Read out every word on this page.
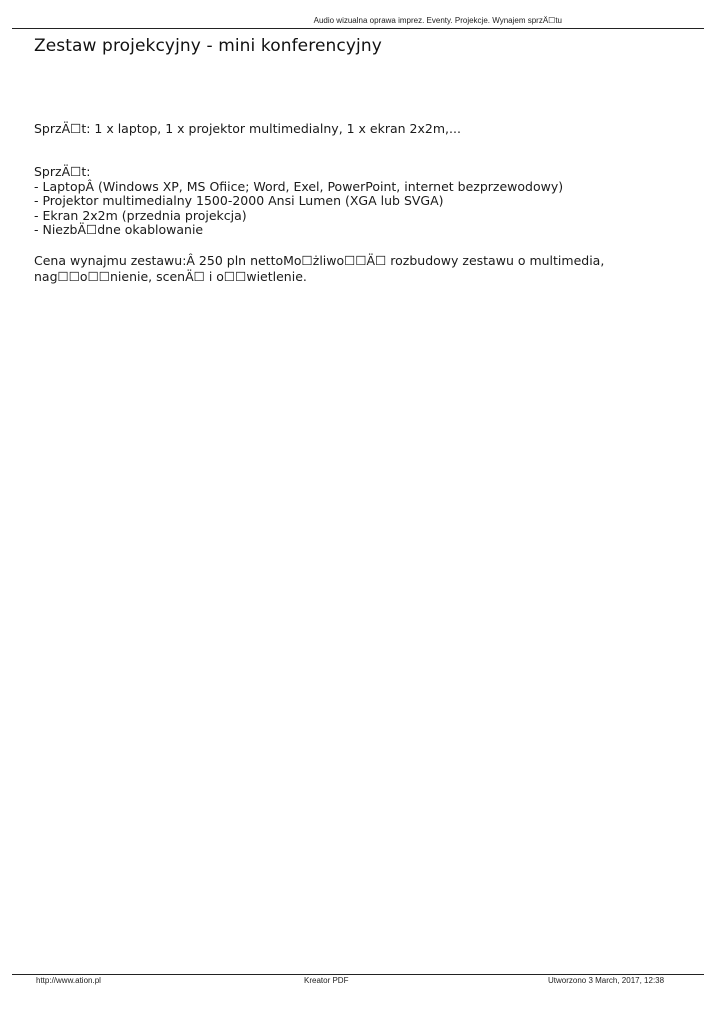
Audio wizualna oprawa imprez. Eventy. Projekcje. Wynajem sprzÄ☐tu
Zestaw projekcyjny - mini konferencyjny

SprzÄ☐t: 1 x laptop, 1 x projektor multimedialny, 1 x ekran 2x2m,...

SprzÄ☐t:
- LaptopÂ (Windows XP, MS Ofiice; Word, Exel, PowerPoint, internet bezprzewodowy)
- Projektor multimedialny 1500-2000 Ansi Lumen (XGA lub SVGA)
- Ekran 2x2m (przednia projekcja)
- NiezbÄ☐dne okablowanie
Cena wynajmu zestawu:Â 250 pln nettoMo☐żliwo☐☐Ä☐ rozbudowy zestawu o multimedia,
nag☐☐o☐☐nienie, scenÄ☐ i o☐☐wietlenie.
http://www.ation.pl	Kreator PDF	Utworzono 3 March, 2017, 12:38
